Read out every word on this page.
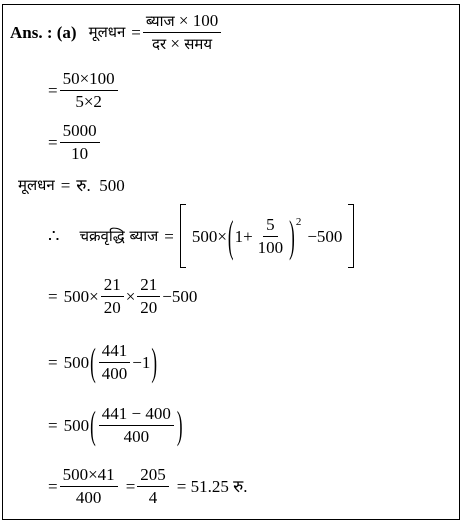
Ans. : (a) मूलधन = $\frac{\text{ब्याज × 100}}{\text{दर × समय}}$
= $\frac{50\times 100}{5\times 2}$
= $\frac{5000}{10}$
मूलधन = रु.  500
∴ चक्रवृद्धि ब्याज = 500× ( $1+ \frac{5}{100} )^2$
−500
= $500\times \frac{21}{20} \times \frac{21}{20} -500$
= 500 ( $\frac{441}{400} -1$ )
= 500 ( $\frac{441 - 400}{400}$ )
= $\frac{500\times 41}{400} = \frac{205}{4} = 51.25$ रु.
